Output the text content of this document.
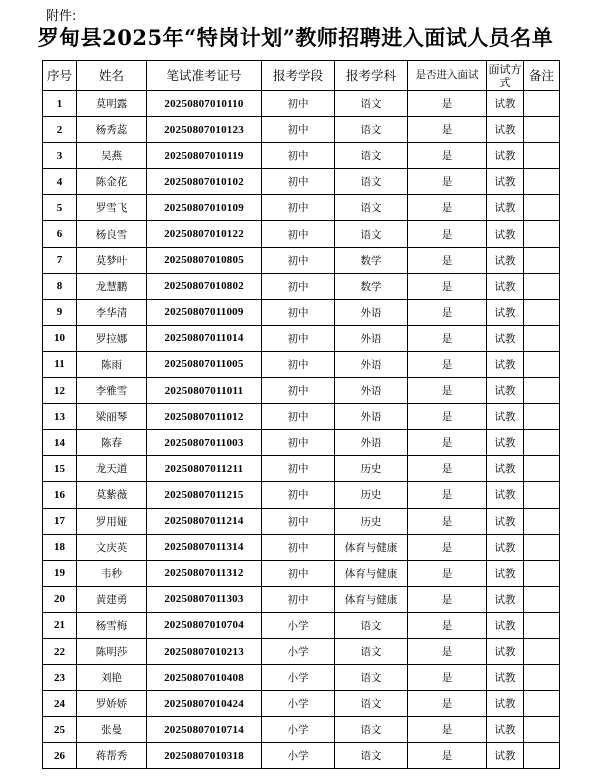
附件:
罗甸县2025年“特岗计划”教师招聘进入面试人员名单
序号	姓名	笔试准考证号	报考学段	报考学科	是否进入面试	面试方式	备注
1	莫明露	20250807010110	初中	语文	是	试教	
2	杨秀蕊	20250807010123	初中	语文	是	试教	
3	吴燕	20250807010119	初中	语文	是	试教	
4	陈金花	20250807010102	初中	语文	是	试教	
5	罗雪飞	20250807010109	初中	语文	是	试教	
6	杨良雪	20250807010122	初中	语文	是	试教	
7	莫梦叶	20250807010805	初中	数学	是	试教	
8	龙慧鹏	20250807010802	初中	数学	是	试教	
9	李华清	20250807011009	初中	外语	是	试教	
10	罗拉娜	20250807011014	初中	外语	是	试教	
11	陈雨	20250807011005	初中	外语	是	试教	
12	李雅雪	20250807011011	初中	外语	是	试教	
13	梁丽琴	20250807011012	初中	外语	是	试教	
14	陈春	20250807011003	初中	外语	是	试教	
15	龙天道	20250807011211	初中	历史	是	试教	
16	莫紫薇	20250807011215	初中	历史	是	试教	
17	罗用娅	20250807011214	初中	历史	是	试教	
18	文庆英	20250807011314	初中	体育与健康	是	试教	
19	韦秒	20250807011312	初中	体育与健康	是	试教	
20	黄建勇	20250807011303	初中	体育与健康	是	试教	
21	杨雪梅	20250807010704	小学	语文	是	试教	
22	陈明莎	20250807010213	小学	语文	是	试教	
23	刘艳	20250807010408	小学	语文	是	试教	
24	罗娇娇	20250807010424	小学	语文	是	试教	
25	张曼	20250807010714	小学	语文	是	试教	
26	蒋帮秀	20250807010318	小学	语文	是	试教	
